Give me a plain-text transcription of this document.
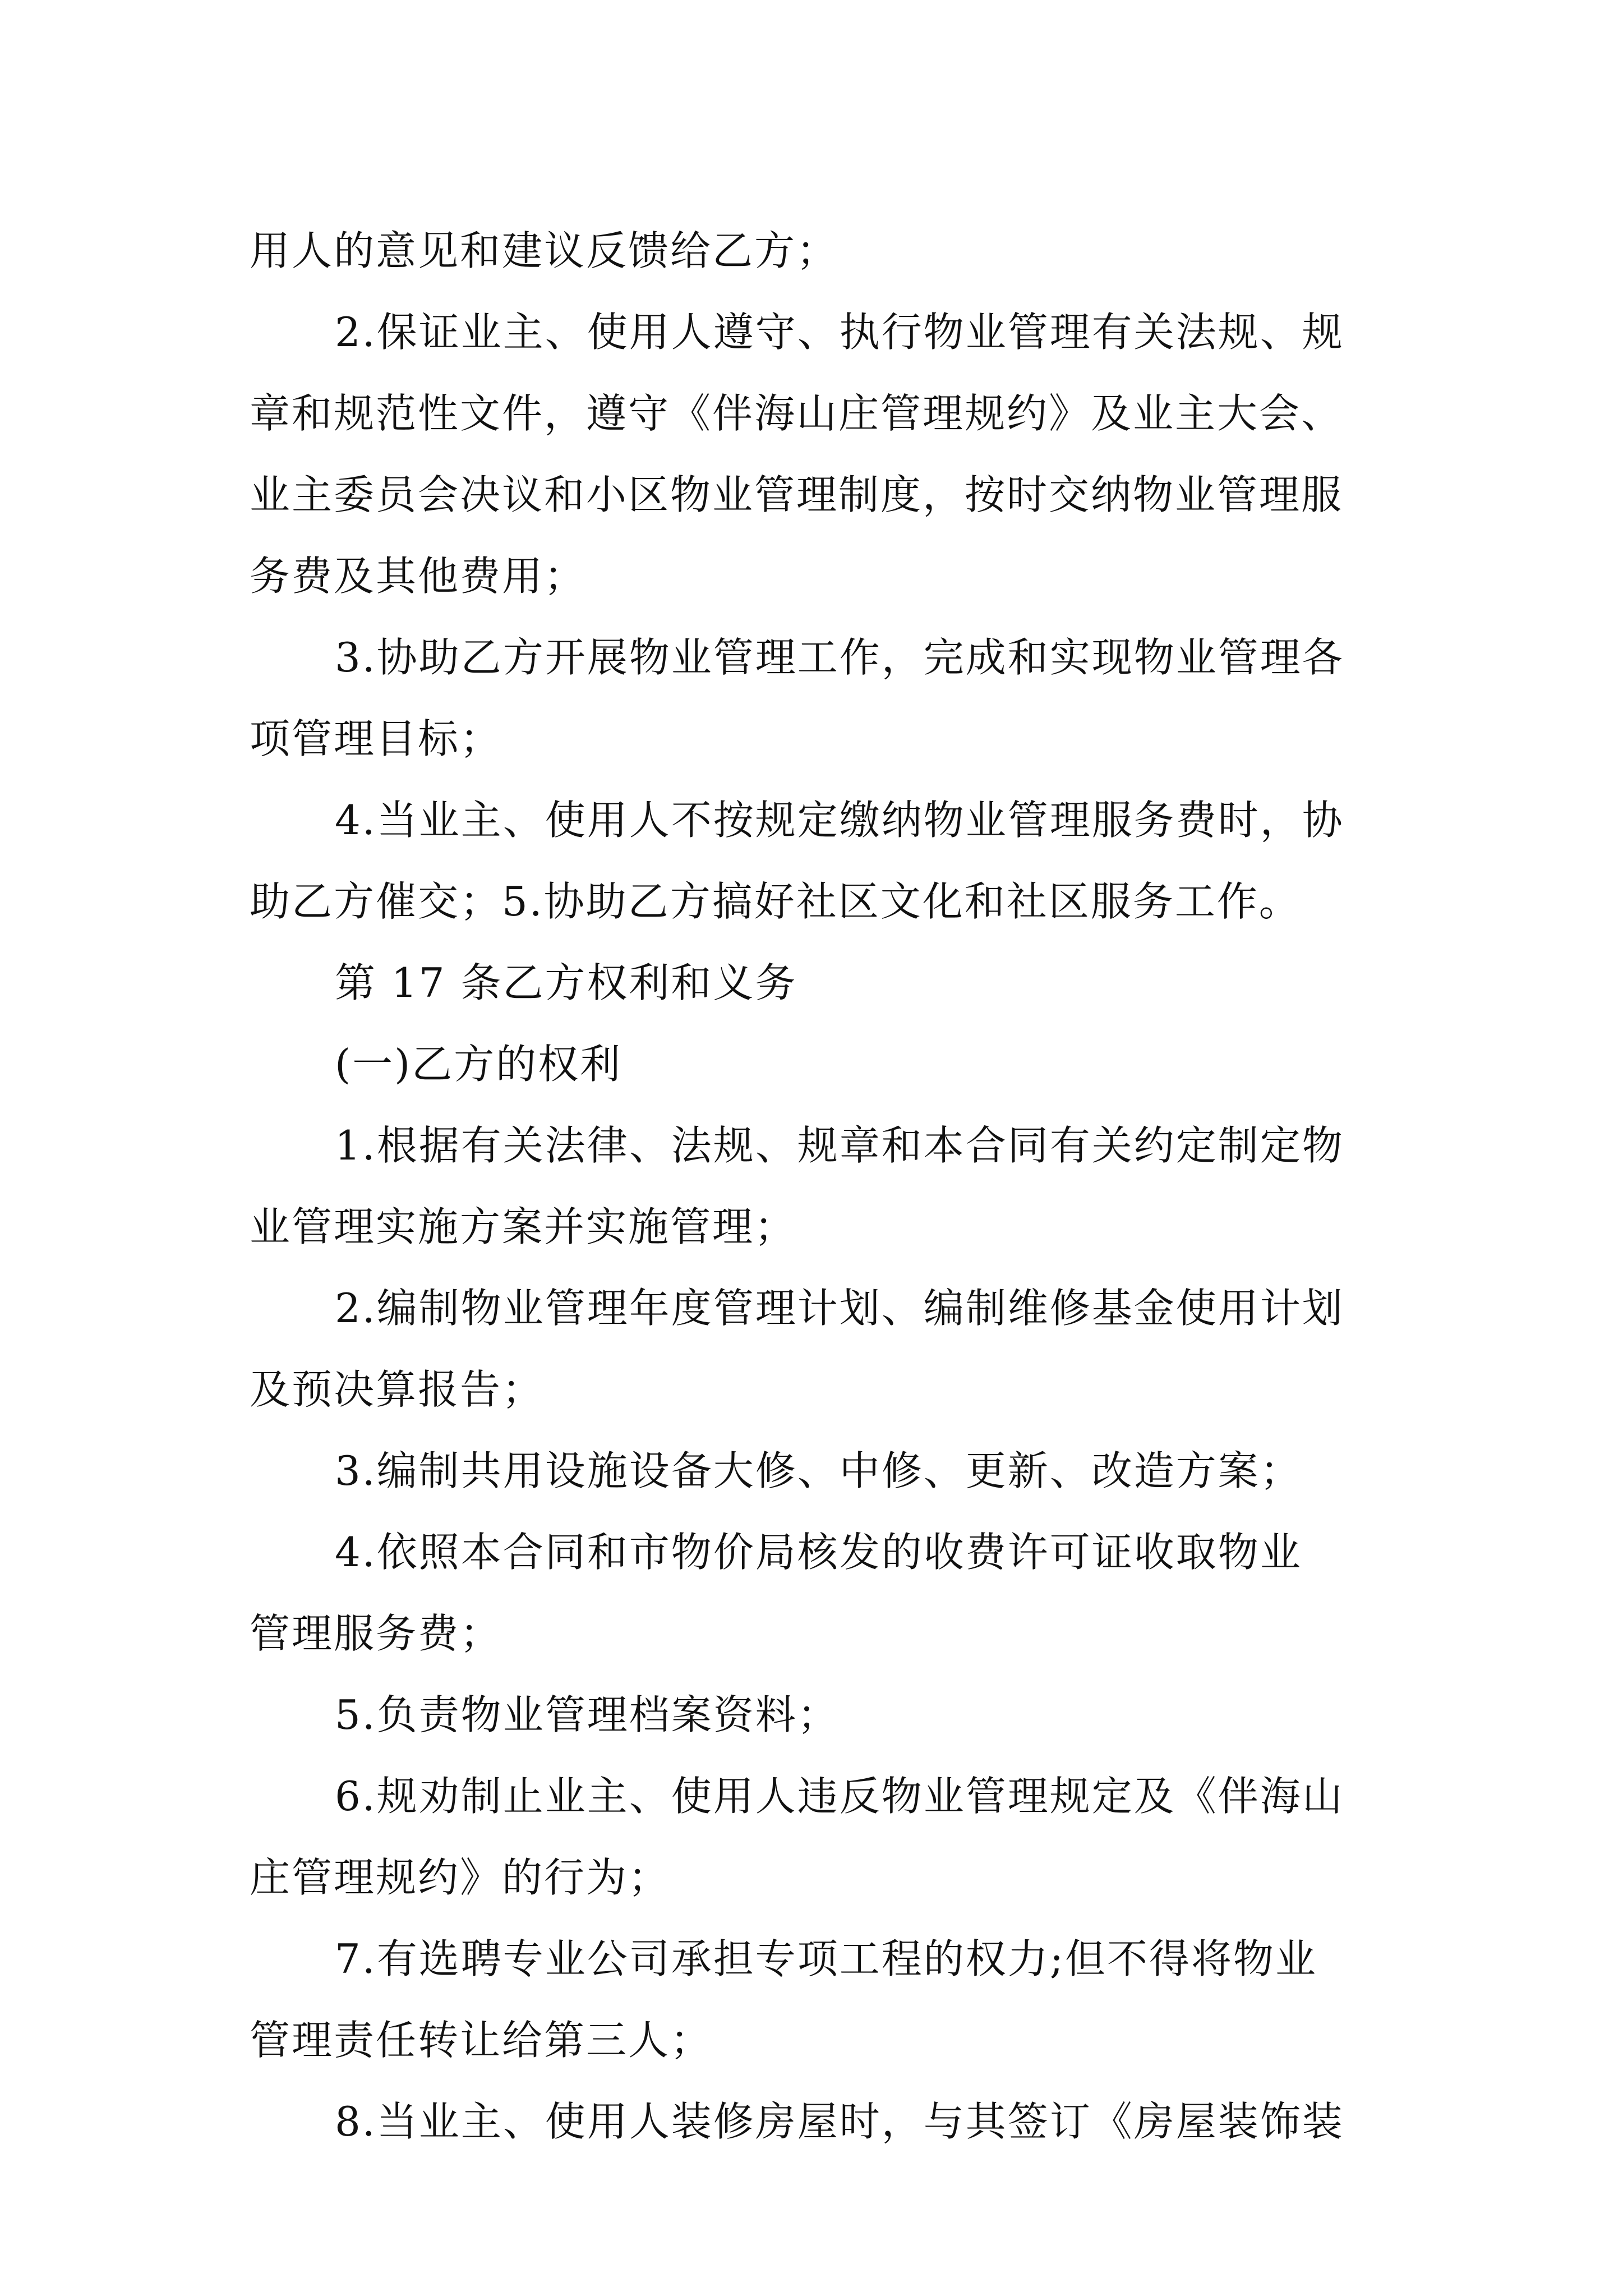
用人的意见和建议反馈给乙方；
2.保证业主、使用人遵守、执行物业管理有关法规、规
章和规范性文件，遵守《伴海山庄管理规约》及业主大会、
业主委员会决议和小区物业管理制度，按时交纳物业管理服
务费及其他费用；
3.协助乙方开展物业管理工作，完成和实现物业管理各
项管理目标；
4.当业主、使用人不按规定缴纳物业管理服务费时，协
助乙方催交；5.协助乙方搞好社区文化和社区服务工作。
第 17 条乙方权利和义务
(一)乙方的权利
1.根据有关法律、法规、规章和本合同有关约定制定物
业管理实施方案并实施管理；
2.编制物业管理年度管理计划、编制维修基金使用计划
及预决算报告；
3.编制共用设施设备大修、中修、更新、改造方案；
4.依照本合同和市物价局核发的收费许可证收取物业
管理服务费；
5.负责物业管理档案资料；
6.规劝制止业主、使用人违反物业管理规定及《伴海山
庄管理规约》的行为；
7.有选聘专业公司承担专项工程的权力;但不得将物业
管理责任转让给第三人；
8.当业主、使用人装修房屋时，与其签订《房屋装饰装
